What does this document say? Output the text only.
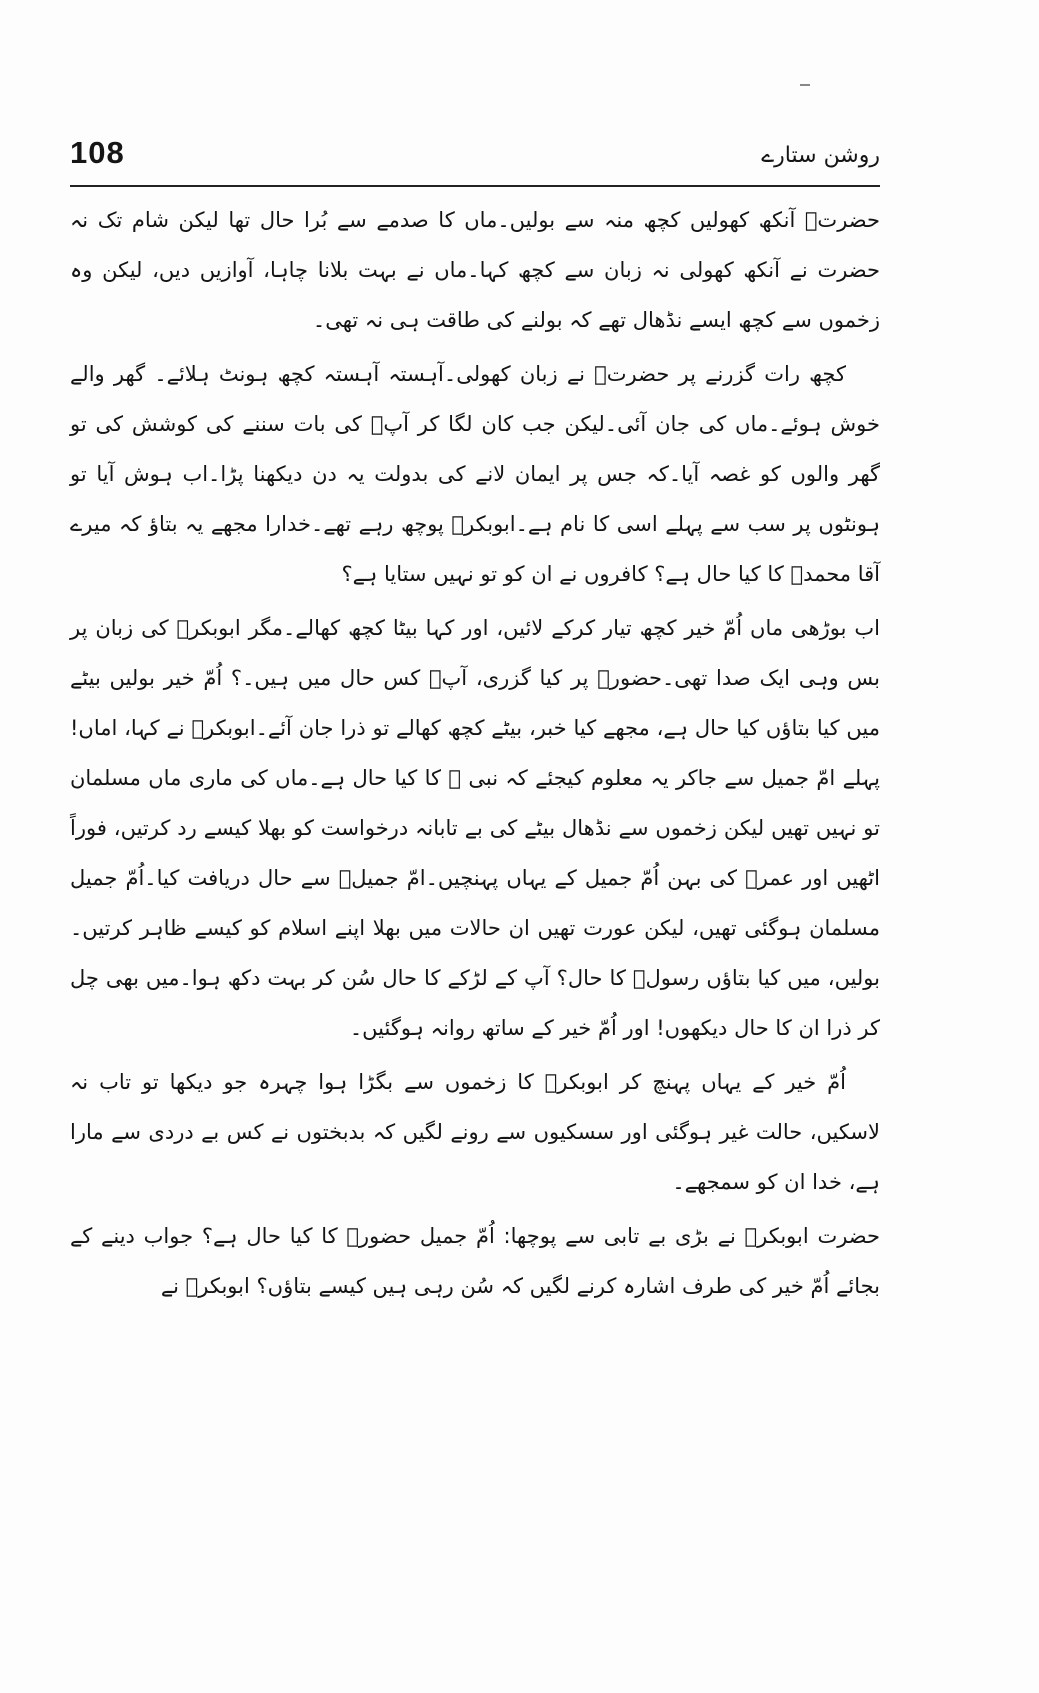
108	روشن ستارے

حضرتؓ آنکھ کھولیں کچھ منہ سے بولیں۔ماں کا صدمے سے بُرا حال تھا لیکن شام تک نہ حضرت نے آنکھ کھولی نہ زبان سے کچھ کہا۔ماں نے بہت بلانا چاہا، آوازیں دیں، لیکن وہ زخموں سے کچھ ایسے نڈھال تھے کہ بولنے کی طاقت ہی نہ تھی۔

کچھ رات گزرنے پر حضرتؓ نے زبان کھولی۔آہستہ آہستہ کچھ ہونٹ ہلائے۔ گھر والے خوش ہوئے۔ماں کی جان آئی۔لیکن جب کان لگا کر آپؓ کی بات سننے کی کوشش کی تو گھر والوں کو غصہ آیا۔کہ جس پر ایمان لانے کی بدولت یہ دن دیکھنا پڑا۔اب ہوش آیا تو ہونٹوں پر سب سے پہلے اسی کا نام ہے۔ابوبکرؓ پوچھ رہے تھے۔خدارا مجھے یہ بتاؤ کہ میرے آقا محمدؐ کا کیا حال ہے؟ کافروں نے ان کو تو نہیں ستایا ہے؟

اب بوڑھی ماں اُمّ خیر کچھ تیار کرکے لائیں، اور کہا بیٹا کچھ کھالے۔مگر ابوبکرؓ کی زبان پر بس وہی ایک صدا تھی۔حضورؐ پر کیا گزری، آپؐ کس حال میں ہیں۔؟ اُمّ خیر بولیں بیٹے میں کیا بتاؤں کیا حال ہے، مجھے کیا خبر، بیٹے کچھ کھالے تو ذرا جان آئے۔ابوبکرؓ نے کہا، اماں! پہلے امّ جمیل سے جاکر یہ معلوم کیجئے کہ نبی ﷺ کا کیا حال ہے۔ماں کی ماری ماں مسلمان تو نہیں تھیں لیکن زخموں سے نڈھال بیٹے کی بے تابانہ درخواست کو بھلا کیسے رد کرتیں، فوراً اٹھیں اور عمرؓ کی بہن اُمّ جمیل کے یہاں پہنچیں۔امّ جمیلؓ سے حال دریافت کیا۔اُمّ جمیل مسلمان ہوگئی تھیں، لیکن عورت تھیں ان حالات میں بھلا اپنے اسلام کو کیسے ظاہر کرتیں۔بولیں، میں کیا بتاؤں رسولؐ کا حال؟ آپ کے لڑکے کا حال سُن کر بہت دکھ ہوا۔میں بھی چل کر ذرا ان کا حال دیکھوں! اور اُمّ خیر کے ساتھ روانہ ہوگئیں۔

اُمّ خیر کے یہاں پہنچ کر ابوبکرؓ کا زخموں سے بگڑا ہوا چہرہ جو دیکھا تو تاب نہ لاسکیں، حالت غیر ہوگئی اور سسکیوں سے رونے لگیں کہ بدبختوں نے کس بے دردی سے مارا ہے، خدا ان کو سمجھے۔

حضرت ابوبکرؓ نے بڑی بے تابی سے پوچھا: اُمّ جمیل حضورؐ کا کیا حال ہے؟ جواب دینے کے بجائے اُمّ خیر کی طرف اشارہ کرنے لگیں کہ سُن رہی ہیں کیسے بتاؤں؟ ابوبکرؓ نے
